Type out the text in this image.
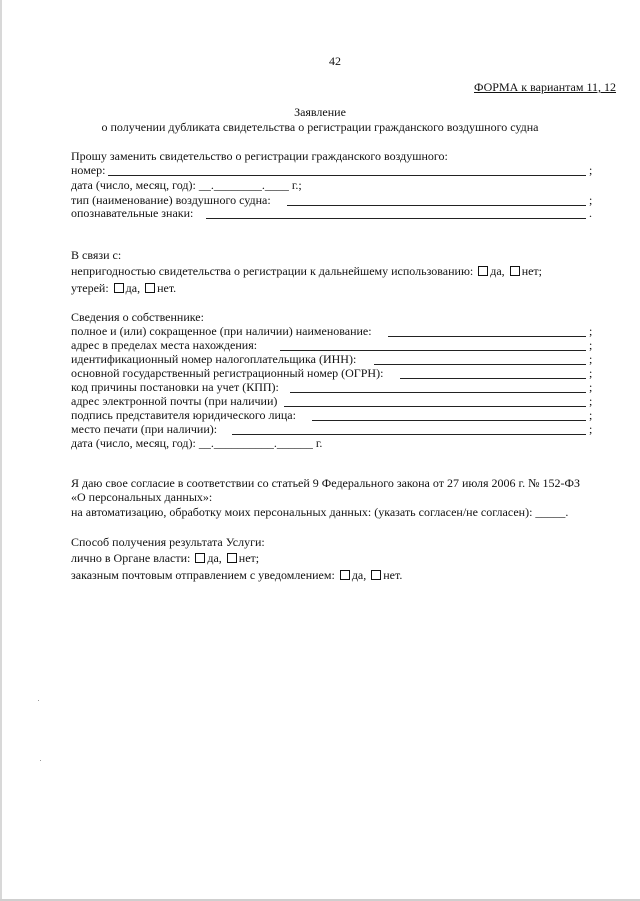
42
ФОРМА к вариантам 11, 12
Заявление
о получении дубликата свидетельства о регистрации гражданского воздушного судна
Прошу заменить свидетельство о регистрации гражданского воздушного:
номер:	;
дата (число, месяц, год): __.________.____ г.;
тип (наименование) воздушного судна:	;
опознавательные знаки:	.
В связи с:
непригодностью свидетельства о регистрации к дальнейшему использованию: да, нет;
утерей: да, нет.
Сведения о собственнике:
полное и (или) сокращенное (при наличии) наименование:	;
адрес в пределах места нахождения:	;
идентификационный номер налогоплательщика (ИНН):	;
основной государственный регистрационный номер (ОГРН):	;
код причины постановки на учет (КПП):	;
адрес электронной почты (при наличии)	;
подпись представителя юридического лица:	;
место печати (при наличии):	;
дата (число, месяц, год): __.__________.______ г.
Я даю свое согласие в соответствии со статьей 9 Федерального закона от 27 июля 2006 г. № 152-ФЗ
«О персональных данных»:
на автоматизацию, обработку моих персональных данных: (указать согласен/не согласен): _____.
Способ получения результата Услуги:
лично в Органе власти: да, нет;
заказным почтовым отправлением с уведомлением: да, нет.
